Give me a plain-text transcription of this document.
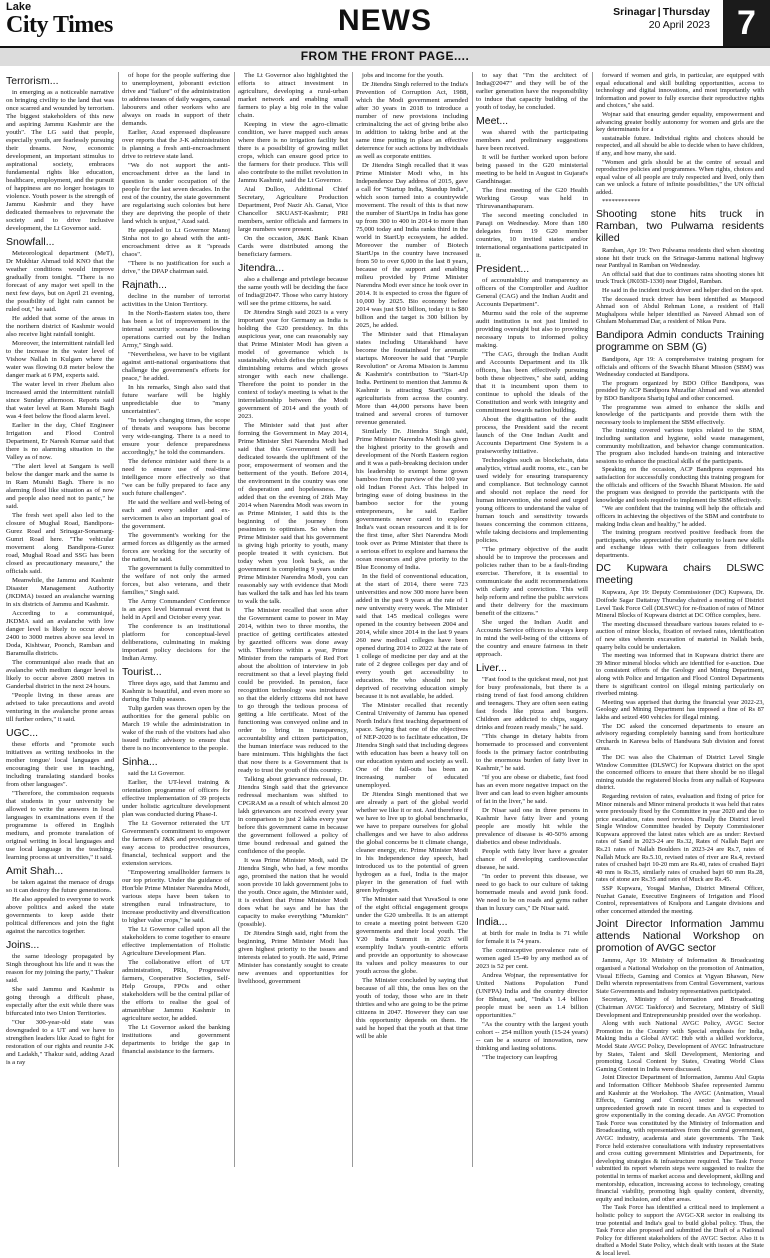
Lake
City Times	NEWS	Srinagar | Thursday
20 April 2023 7
FROM THE FRONT PAGE....
Terrorism...

in emerging as a noticeable narrative on bringing civility to the land that was once scarred and wounded by terrorism. The biggest stakeholders of this new and aspiring Jammu Kashmir are the youth". The LG said that people, especially youth, are fearlessly pursuing their dreams. Now, economic development, an important stimulus to aspirational society, embraces fundamental rights like education, healthcare, employment, and the pursuit of happiness are no longer hostages to violence. Youth power is the strength of Jammu Kashmir and they have dedicated themselves to rejuvenate the society and to drive inclusive development, the Lt Governor said.

Snowfall...

Meteorological department (MeT), Dr Mukhtar Ahmad told KNO that the weather conditions would improve gradually from tonight. "There is no forecast of any major wet spell in the next few days, but on April 21 evening, the possibility of light rain cannot be ruled out," he said.

He added that some of the areas in the northern district of Kashmir would also receive light rainfall tonight.

Moreover, the intermittent rainfall led to the increase in the water level of Vishow Nallah in Kulgam where the water was flowing 0.8 meter below the danger mark at 6 PM, experts said.

The water level in river Jhelum also increased amid the intermittent rainfall since Sunday afternoon. Reports said that water level at Ram Munshi Bagh was 4 feet below the flood alarm level.

Earlier in the day, Chief Engineer Irrigation and Flood Control Department, Er Naresh Kumar said that there is no alarming situation in the Valley as of now.

"The alert level at Sangam is well below the danger mark and the same is in Ram Munshi Bagh. There is no alarming flood like situation as of now and people also need not to panic," he said.

The fresh wet spell also led to the closure of Mughal Road, Bandipora-Gurez Road and Srinagar-Sonamarg-Gumri Road here. "The vehicular movement along Bandipora-Gurez road, Mughal Road and SSG has been closed as precautionary measure," the officials said.

Meanwhile, the Jammu and Kashmir Disaster Management Authority (JKDMA) issued an avalanche warning in six districts of Jammu and Kashmir.

According to a communiqué, JKDMA said an avalanche with low danger level is likely to occur above 2400 to 3000 metres above sea level in Doda, Kishtwar, Poonch, Ramban and Baramulla districts.

The communiqué also reads that an avalanche with medium danger level is likely to occur above 2800 metres in Ganderbal district in the next 24 hours.

"People living in these areas are advised to take precautions and avoid venturing in the avalanche prone areas till further orders," it said.

UGC...

these efforts and "promote such initiatives as writing textbooks in the mother tongue/ local languages and encouraging their use in teaching, including translating standard books from other languages".

"Therefore, the commission requests that students in your university be allowed to write the answers in local languages in examinations even if the programme is offered in English medium, and promote translation of original writing in local languages and use local language in the teaching-learning process at universities," it said.

Amit Shah...

be taken against the menace of drugs so it can destroy the future generations.

He also appealed to everyone to work above politics and asked the state governments to keep aside their political differences and join the fight against the narcotics together.

Joins...

the same ideology propagated by Singh throughout his life and it was the reason for my joining the party," Thakur said.

She said Jammu and Kashmir is going through a difficult phase, especially after the exit while there was bifurcated into two Union Territories.

"Our 300-year-old state was downgraded to a UT and we have to strengthen leaders like Azad to fight for restoration of our rights and reunite J-K and Ladakh," Thakur said, adding Azad is a ray

of hope for the people suffering due to unemployment, joboranti eviction drive and "failure" of the administration to address issues of daily wagers, casual labourers and other workers who are always on roads in support of their demands.

Earlier, Azad expressed displeasure over reports that the J-K administration is planning a fresh anti-encroachment drive to retrieve state land.

"We do not support the anti-encroachment drive as the land in question is under occupation of the people for the last seven decades. In the rest of the country, the state government are regularising such colonies but here they are depriving the people of their land which is unjust," Azad said.

He appealed to Lt Governor Manoj Sinha not to go ahead with the anti-encroachment drive as it "spreads chaos".

"There is no justification for such a drive," the DPAP chairman said.

Rajnath...

decline in the number of terrorist activities in the Union Territory.

In the North-Eastern states too, there has been a lot of improvement in the internal security scenario following operations carried out by the Indian Army," Singh said.

"Nevertheless, we have to be vigilant against anti-national organisations that challenge the government's efforts for peace," he added.

In his remarks, Singh also said that future warfare will be highly unpredictable due to "many uncertainties".

"In today's changing times, the scope of threats and weapons has become very wide-ranging. There is a need to ensure your defence preparedness accordingly," he told the commanders.

The defence minister said there is a need to ensure use of real-time intelligence more effectively so that "we can be fully prepared to face any such future challenges".

He said the welfare and well-being of each and every soldier and ex-servicemen is also an important goal of the government.

The government's working for the armed forces as diligently as the armed forces are working for the security of the nation, he said.

The government is fully committed to the welfare of not only the armed forces, but also veterans, and their families," Singh said.

The Army Commanders' Conference is an apex level biannual event that is held in April and October every year.

The conference is an institutional platform for conceptual-level deliberations, culminating in making important policy decisions for the Indian Army.

Tourist...

Three days ago, said that Jammu and Kashmir is beautiful, and even more so during the Tulip season.

Tulip garden was thrown open by the authorities for the general public on March 19 while the administration in wake of the rush of the visitors had also issued traffic advisory to ensure that there is no inconvenience to the people.

Sinha...

said the Lt Governor.

Earlier, the UT-level training & orientation programme of officers for effective implementation of 39 projects under holistic agriculture development plan was conducted during Phase-I.

The Lt Governor reiterated the UT Government's commitment to empower the farmers of J&K and providing them easy access to productive resources, financial, technical support and the extension services.

"Empowering smallholder farmers is our top priority. Under the guidance of Hon'ble Prime Minister Narendra Modi, various steps have been taken to strengthen rural infrastructure, to increase productivity and diversification to higher value crops," he said.

The Lt Governor called upon all the stakeholders to come together to ensure effective implementation of Holistic Agriculture Development Plan.

The collaborative effort of UT administration, PRIs, Progressive farmers, Cooperative Societies, Self-Help Groups, FPOs and other stakeholders will be the central pillar of the efforts to realise the goal of atmanirbhar Jammu Kashmir in agriculture sector, he added.

The Lt Governor asked the banking institutions and government departments to bridge the gap in financial assistance to the farmers.

The Lt Governor also highlighted the efforts to attract investment in agriculture, developing a rural-urban market network and enabling small farmers to play a big role in the value chain.

Keeping in view the agro-climatic condition, we have mapped such areas where there is no irrigation facility but there is a possibility of growing millet crops, which can ensure good price to the farmers for their produce. This will also contribute to the millet revolution in Jammu Kashmir, said the Lt Governor.

Atal Dulloo, Additional Chief Secretary, Agriculture Production Department, Prof Nazir Ah. Ganai, Vice Chancellor SKUAST-Kashmir; PRI members, senior officials and farmers in large numbers were present.

On the occasion, J&K Bank Kisan Cards were distributed among the beneficiary farmers.

Jitendra...

also a challenge and privilege because the same youth will be deciding the face of India@2047. Those who carry history will see the prime citizens, he said.

Dr Jitendra Singh said 2023 is a very important year for Germany as India is holding the G20 presidency. In this auspicious year, one can reasonably say that Prime Minister Modi has given a model of governance which is sustainable, which defies the principle of diminishing returns and which grows stronger with each new challenge. Therefore the point to ponder in the context of today's meeting is what is the interrelationship between the Modi government of 2014 and the youth of 2023.

The Minister said that just after forming the Government in May 2014, Prime Minister Shri Narendra Modi had said that this Government will be dedicated towards the upliftment of the poor, empowerment of women and the betterment of the youth. Before 2014, the environment in the country was one of desperation and hopelessness. He added that on the evening of 26th May 2014 when Narendra Modi was sworn in as Prime Minister, I said this is the beginning of the journey from pessimism to optimism. So when the Prime Minister said that his government is giving high priority to youth, many people treated it with cynicism. But today when you look back, as the government is completing 9 years under Prime Minister Narendra Modi, you can reasonably say with evidence that Modi has walked the talk and has led his team to walk the talk.

The Minister recalled that soon after the Government came to power in May 2014, within two to three months, the practice of getting certificates attested by gazetted officers was done away with. Therefore within a year, Prime Minister from the ramparts of Red Fort about the abolition of interview in job recruitment so that a level playing field could be provided. In pension, face recognition technology was introduced so that the elderly citizens did not have to go through the tedious process of getting a life certificate. Most of the functioning was conveyed online and in order to bring in transparency, accountability and citizen participation, the human interface was reduced to the bare minimum. This highlights the fact that now there is a Government that is ready to trust the youth of this country.

Talking about grievance redressal, Dr. Jitendra Singh said that the grievance redressal mechanism was shifted to CPGRAM as a result of which almost 20 lakh grievances are received every year in comparison to just 2 lakhs every year before this government came in because the government followed a policy of time bound redressal and gained the confidence of the people.

It was Prime Minister Modi, said Dr Jitendra Singh, who had, a few months ago, promised the nation that he would soon provide 10 lakh government jobs to the youth. Once again, the Minister said, it is evident that Prime Minister Modi does what he says and he has the capacity to make everything "Mumkin" (possible).

Dr Jitendra Singh said, right from the beginning, Prime Minister Modi has given highest priority to the issues and interests related to youth. He said, Prime Minister has constantly sought to create new avenues and opportunities for livelihood, government

jobs and income for the youth.

Dr Jitendra Singh referred to the India's Prevention of Corruption Act, 1988, which the Modi government amended after 30 years in 2018 to introduce a number of new provisions including criminalizing the act of giving bribe also in addition to taking bribe and at the same time putting in place an effective deterrence for such actions by individuals as well as corporate entities.

Dr Jitendra Singh recalled that it was Prime Minister Modi who, in his Independence Day address of 2015, gave a call for "Startup India, Standup India", which soon turned into a countrywide movement. The result of this is that now the number of StartUps in India has gone up from 300 to 400 in 2014 to more than 75,000 today and India ranks third in the world in StartUp ecosystem, he added. Moreover the number of Biotech StartUps in the country have increased from 50 to over 6,000 in the last 8 years, because of the support and enabling milieu provided by Prime Minister Narendra Modi ever since he took over in 2014. It is expected to cross the figure of 10,000 by 2025. Bio economy before 2014 was just $10 billion, today it is $80 billion and the target is 300 billion by 2025, he added.

The Minister said that Himalayan states including Uttarakhand have become the fountainhead for aromatic startups. Moreover he said that "Purple Revolution" or Aroma Mission is Jammu & Kashmir's contribution to "Start-Up India. Pertinent to mention that Jammu & Kashmir is attracting StartUps and agriculturists from across the country. More than 44,000 persons have been trained and several crores of turnover revenue generated.

Similarly Dr. Jitendra Singh said, Prime Minister Narendra Modi has given the highest priority to the growth and development of the North Eastern region and it was a path-breaking decision under his leadership to exempt home grown bamboo from the purview of the 100 year old Indian Forest Act. This helped in bringing ease of doing business in the bamboo sector for the young entrepreneurs, he said. Earlier governments never cared to explore India's vast ocean resources and it is for the first time, after Shri Narendra Modi took over as Prime Minister that there is a serious effort to explore and harness the ocean resources and give priority to the Blue Economy of India.

In the field of conventional education, at the start of 2014, there were 723 universities and now 300 more have been added in the past 9 years at the rate of 1 new university every week. The Minister said that 145 medical colleges were opened in the country between 2004 and 2014, while since 2014 in the last 9 years 260 new medical colleges have been opened during 2014 to 2022 at the rate of 1 college of medicine per day and at the rate of 2 degree colleges per day and of every youth get accessibility to education. He who should not be deprived of receiving education simply because it is not available, he added.

The Minister recalled that recently Central University of Jammu has opened North India's first teaching department of space. Saying that one of the objectives of NEP-2020 is to facilitate education, Dr Jitendra Singh said that including degrees with education has been a heavy toll on our education system and society as well. One of the fall-outs has been an increasing number of educated unemployed.

Dr Jitendra Singh mentioned that we are already a part of the global world whether we like it or not. And therefore if we have to live up to global benchmarks, we have to prepare ourselves for global challenges and we have to also address the global concerns be it climate change, cleaner energy, etc. Prime Minister Modi in his Independence day speech, had introduced us to the potential of green hydrogen as a fuel, India is the major player in the generation of fuel with green hydrogen.

The Minister said that YuvaSoul is one of the eight official engagement groups under the G20 umbrella. It is an attempt to create a meeting point between G20 governments and their local youth. The Y20 India Summit in 2023 will exemplify India's youth-centric efforts and provide an opportunity to showcase its values and policy measures to our youth across the globe.

The Minister concluded by saying that because of all this, the onus lies on the youth of today, those who are in their thirties and who are going to be the prime citizens in 2047. However they can use this opportunity depends on them. He said he hoped that the youth at that time will be able

to say that "I'm the architect of India@2047" and they will be of the earlier generation have the responsibility to induce that capacity building of the youth of today, he concluded.

Meet...

was shared with the participating members and preliminary suggestions have been received.

It will be further worked upon before being passed in the G20 ministerial meeting to be held in August in Gujarat's Gandhinagar.

The first meeting of the G20 Health Working Group was held in Thiruvananthapuram.

The second meeting concluded in Panaji on Wednesday. More than 180 delegates from 19 G20 member countries, 10 invited states and/or international organisations participated in it.

President...

of accountability and transparency as officers of the Comptroller and Auditor General (CAG) and the Indian Audit and Accounts Department".

Murmu said the role of the supreme audit institution is not just limited to providing oversight but also to providing necessary inputs to informed policy making.

"The CAG, through the Indian Audit and Accounts Department and its 1lk officers, has been effectively pursuing both these objectives," she said, adding that it is incumbent upon them to continue to uphold the ideals of the Constitution and work with integrity and commitment towards nation building.

About the digitisation of the audit process, the President said the recent launch of the One Indian Audit and Accounts Department One System is a praiseworthy initiative.

Technologies such as blockchain, data analytics, virtual audit rooms, etc., can be used widely for ensuring transparency and compliance. But technology cannot and should not replace the need for human intervention, she noted and urged young officers to understand the value of human touch and sensitivity towards issues concerning the common citizens, while taking decisions and implementing policies.

"The primary objective of the audit should be to improve the processes and policies rather than to be a fault-finding exercise. Therefore, it is essential to communicate the audit recommendations with clarity and conviction. This will help reform and refine the public services and their delivery for the maximum benefit of the citizens."

She urged the Indian Audit and Accounts Service officers to always keep in mind the well-being of the citizens of the country and ensure fairness in their approach.

Liver...

"Fast food is the quickest meal, not just for busy professionals, but there is a rising trend of fast food among children and teenagers. They are often seen eating fast foods like pizza and burgers. Children are addicted to chips, sugary drinks and frozen ready meals," he said.

"This change in dietary habits from homemade to processed and convenient foods is the primary factor contributing to the enormous burden of fatty liver in Kashmir," he said.

"If you are obese or diabetic, fast food has an even more negative impact on the liver and can lead to even higher amounts of fat in the liver," he said.

Dr Nisar said one in three persons in Kashmir have fatty liver and young people are mostly hit while the prevalence of disease is 40-50% among diabetics and obese individuals.

People with fatty liver have a greater chance of developing cardiovascular disease, he said.

"In order to prevent this disease, we need to go back to our culture of taking homemade meals and avoid junk food. We need to be on roads and gyms rather than in luxury cars," Dr Nisar said.

India...

at birth for male in India is 71 while for female it is 74 years.

The contraceptive prevalence rate of women aged 15-49 by any method as of 2023 is 52 per cent.

Andrea Wojnar, the representative for United Nations Population Fund (UNFPA) India and the country director for Bhutan, said, "India's 1.4 billion people must be seen as 1.4 billion opportunities."

"As the country with the largest youth cohort -- 254 million youth (15-24 years) -- can be a source of innovation, new thinking and lasting solutions.

"The trajectory can leapfrog

forward if women and girls, in particular, are equipped with equal educational and skill building opportunities, access to technology and digital innovations, and most importantly with information and power to fully exercise their reproductive rights and choices," she said.

Wojnar said that ensuring gender equality, empowerment and advancing greater bodily autonomy for women and girls are the key determinants for a

sustainable future. Individual rights and choices should be respected, and all should be able to decide when to have children, if any, and how many, she said.

"Women and girls should be at the centre of sexual and reproductive policies and programmes. When rights, choices and equal value of all people are truly respected and lived, only then can we unlock a future of infinite possibilities," the UN official added.

************

Shooting stone hits truck in Ramban, two Pulwama residents killed

Ramban, Apr 19: Two Pulwama residents died when shooting stone hit their truck on the Srinagar-Jammu national highway near Panthyal in Ramban on Wednesday.

An official said that due to continues rains shooting stones hit truck Truck (JK03D-1330) near Digdol, Ramban.

He said in the incident truck driver and helper died on the spot.

The deceased truck driver has been identified as Maqsood Ahmad son of Abdul Rehman Lone, a resident of Hall Mughalpora while helper identified as Naveed Ahmad son of Ghulam Mohammad Dar, a resident of Nikas Pura.

Bandipora Admin conducts Training programme on SBM (G)

Bandipora, Apr 19: A comprehensive training program for officials and officers of the Swachh Bharat Mission (SBM) was Wednesday conducted at Bandipora.

The program organized by BDO Office Bandipora, was presided by ACP Bandipora Muzaffar Ahmad and was attended by BDO Bandipora Shariq Iqbal and other concerned.

The programme was aimed to enhance the skills and knowledge of the participants and provide them with the necessary tools to implement the SBM effectively.

The training covered various topics related to the SBM, including sanitation and hygiene, solid waste management, community mobilization, and behavior change communication. The program also included hands-on training and interactive sessions to enhance the practical skills of the participants.

Speaking on the occasion, ACP Bandipora expressed his satisfaction for successfully conducting this training program for the officials and officers of the Swachh Bharat Mission. He said the program was designed to provide the participants with the knowledge and tools required to implement the SBM effectively.

"We are confident that the training will help the officials and officers in achieving the objectives of the SBM and contribute to making India clean and healthy," he added.

The training program received positive feedback from the participants, who appreciated the opportunity to learn new skills and exchange ideas with their colleagues from different departments.

DC Kupwara chairs DLSWC meeting

Kupwara, Apr 19: Deputy Commissioner (DC) Kupwara, Dr. Doifode Sagar Dattatray Thursday chaired a meeting of District Level Task Force Cell (DLSWC) for re-fixation of rates of Minor Mineral Blocks of Kupwara district at DC Office complex, here.

The meeting discussed threadbare various issues related to e-auction of minor blocks, fixation of revised rates, identification of new sites wherein excavation of material in Nallah beds, quarry belts could be undertaken.

The meeting was informed that in Kupwara district there are 39 Minor mineral blocks which are identified for e-auction. Due to consistent efforts of the Geology and Mining Department, along with Police and Irrigation and Flood Control Departments there is significant control on illegal mining particularly on riverbed mining.

Meeting was apprised that during the financial year 2022-23, Geology and Mining Department has imposed a fine of Rs 87 lakhs and seized 490 vehicles for illegal mining.

The DC asked the concerned departments to ensure an advisory regarding completely banning sand from horticulture Orchards in Karewa belts of Handwara Sub division and forest areas.

The DC was also the Chairman of District Level Single Window Committee (DLSWC) for Kupwara district on the spot the concerned officers to ensure that there should be no illegal mining outside the registered blocks from any nallah of Kupwara district.

Regarding revision of rates, evaluation and fixing of price for Minor minerals and Minor mineral products it was held that rates were previously fixed by the Committee in year 2020 and due to price escalation, rates need revision. Finally the District level Single Window Committee headed by Deputy Commissioner Kupwara approved the latest rates which are as under: Revised rates of Sand in 2023-24 are Rs.32, Rates of Nallah Bajri are Rs.21 rates of Nallah Boulders in 2023-24 are Rs.7, rates of Nallah Muck are Rs.5.10, revised rates of river are Rs.4, revised rates of crushed bajri 10-20 mm are Rs.40, rates of crushed Bajri 40 mm is Rs.35, similarly rates of crushed bajri 60 mm Rs.28, rates of stone are Rs.35 and rates of Muck are Rs.45.

SSP Kupwara, Yougal Manhas, District Mineral Officer, Nuzhat Ganaie, Executive Engineers of Irrigation and Flood Control, representatives of Kralpora and Langate divisions and other concerned attended the meeting.

Joint Director Information Jammu attends National Workshop on promotion of AVGC sector

Jammu, Apr 19: Ministry of Information & Broadcasting organised a National Workshop on the promotion of Animation, Visual Effects, Gaming and Comics at Vigyan Bhawan, New Delhi wherein representatives from Central Government, various State Governments and Industry representatives participated.

Secretary, Ministry of Information and Broadcasting (Chairman AVGC Taskforce) and Secretary, Ministry of Skill Development and Entrepreneurship presided over the workshop.

Along with such National AVGC Policy, AVGC Sector Promotion in the Country with Special emphasis for India, Making India a Global AVGC Hub with a skilled workforce, Model State AVGC Policy, Development of AVGC Infrastructure by States, Talent and Skill Development, Mentoring and promoting Local Content by States, Creating World Class Gaming Content in India were discussed.

Joint Director Department of Information, Jammu Atul Gupta and Information Officer Mehboob Shafee represented Jammu and Kashmir at the Workshop. The AVGC (Animation, Visual Effects, Gaming and Comics) sector has witnessed unprecedented growth rate in recent times and is expected to grow exponentially in the coming decade. An AVGC Promotion Task Force was constituted by the Ministry of Information and Broadcasting, with representatives from the central government, AVGC industry, academia and state governments. The Task Force held extensive consultations with industry representatives and cross cutting government Ministries and Departments, for developing strategies & infrastructure required. The Task Force submitted its report wherein steps were suggested to realize the potential in terms of market access and development, skilling and mentorship, education, increasing access to technology, creating financial viability, promoting high quality content, diversity, equity and inclusion, and other areas.

The Task Force has identified a critical need to implement a holistic policy to support the AVGC-XR sector in realising its true potential and India's goal to build global policy. Thus, the Task Force also proposed and submitted the Draft of a National Policy for different stakeholders of the AVGC Sector. Also it is drafted a Model State Policy, which dealt with issues at the State & local level.
